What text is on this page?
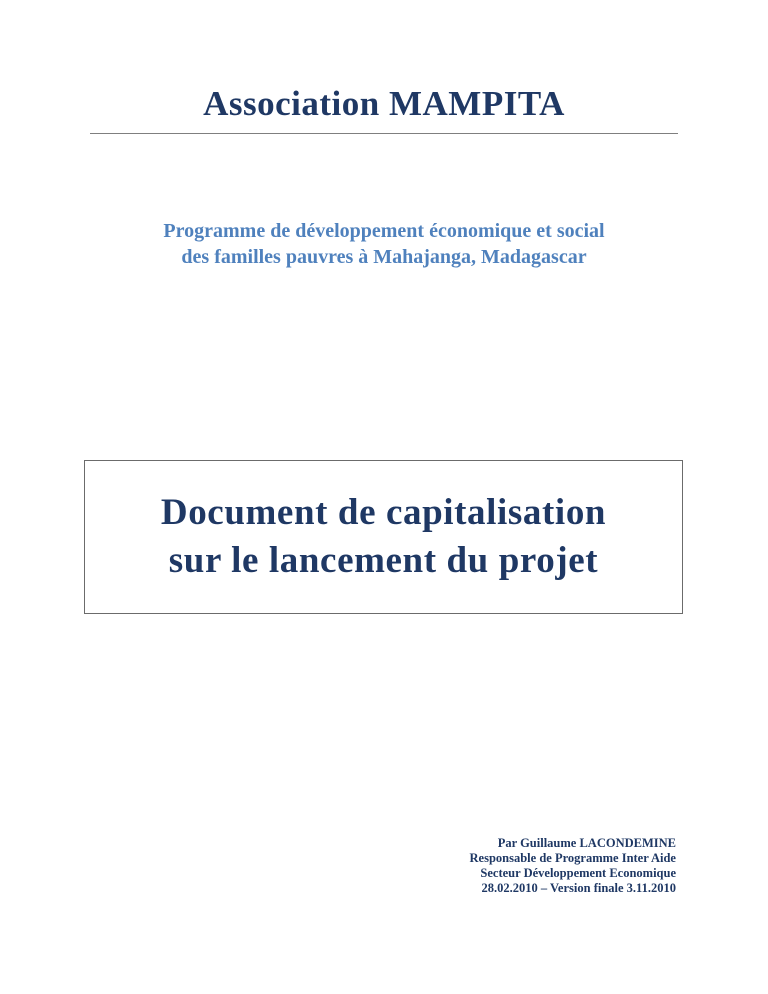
Association MAMPITA
Programme de développement économique et social
des familles pauvres à Mahajanga, Madagascar
Document de capitalisation
sur le lancement du projet
Par Guillaume LACONDEMINE
Responsable de Programme Inter Aide
Secteur Développement Economique
28.02.2010 – Version finale 3.11.2010
